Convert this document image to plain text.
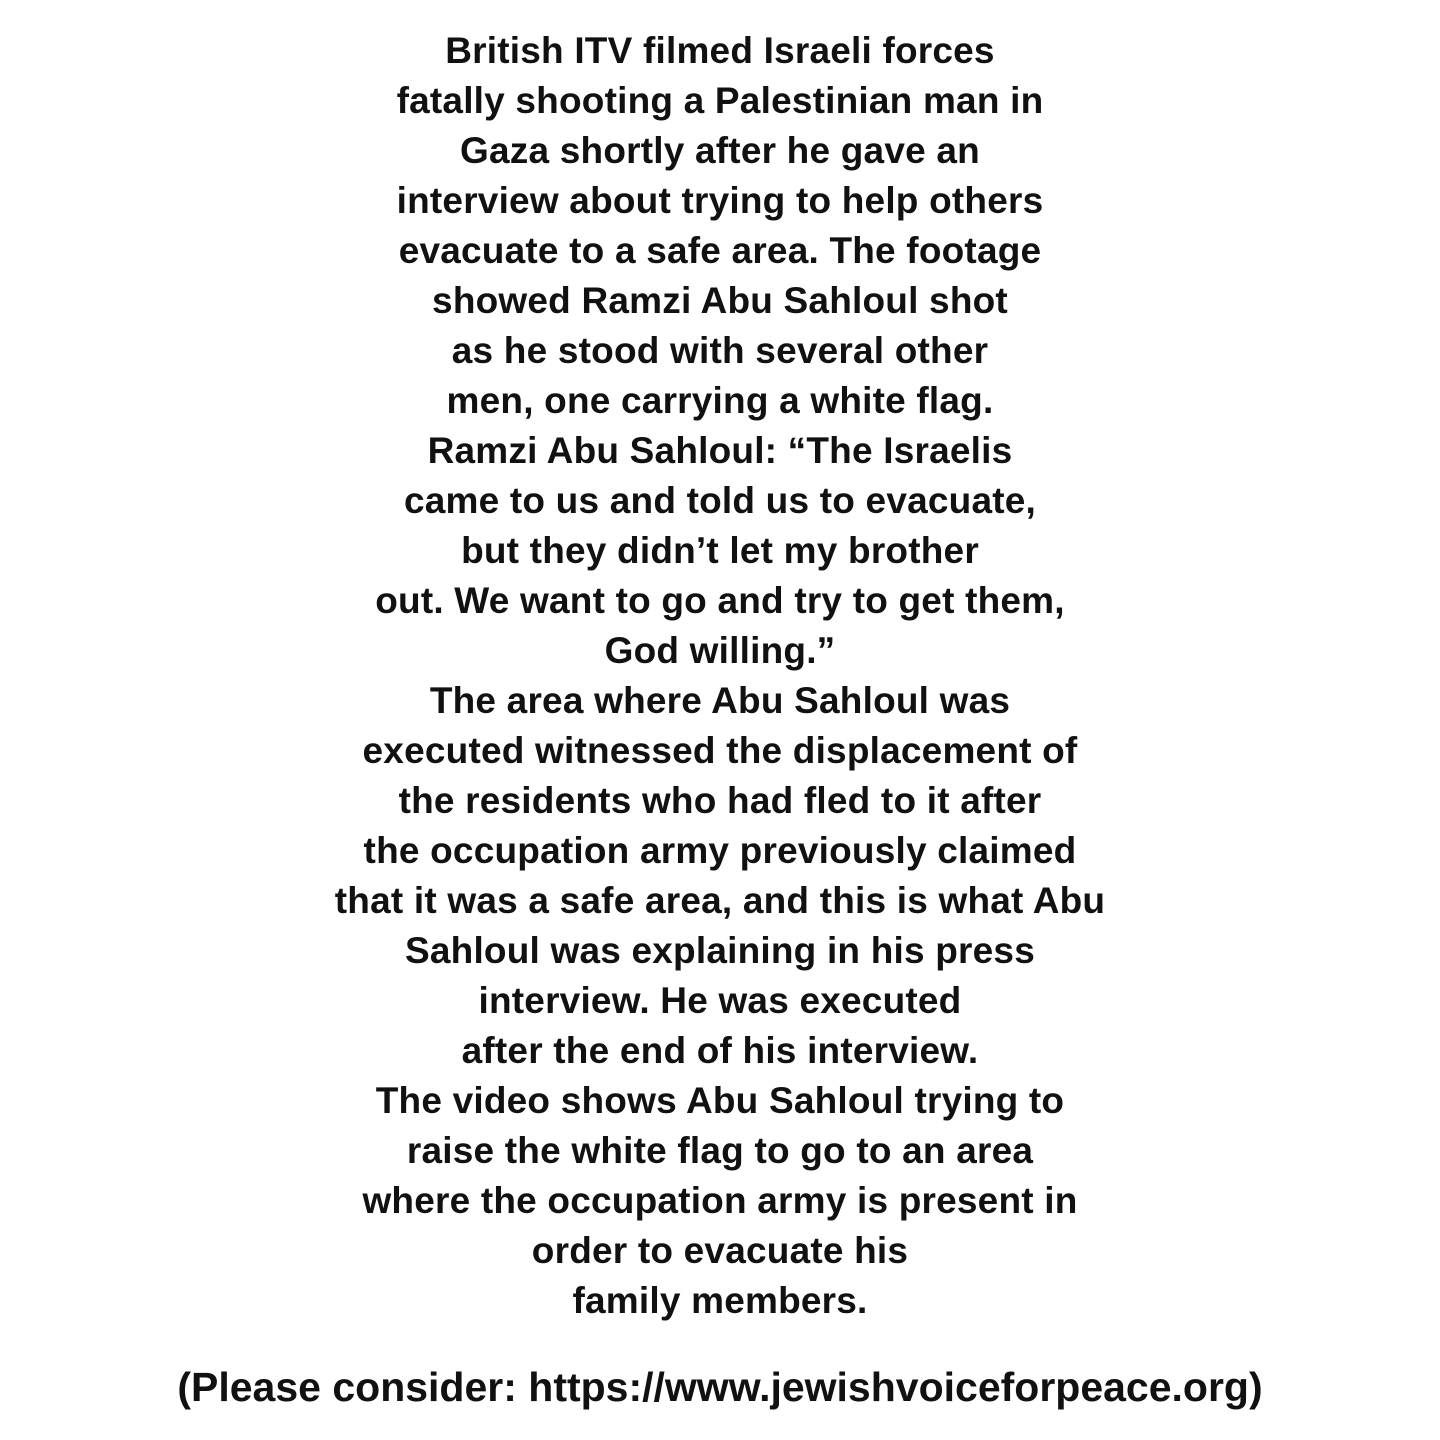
British ITV filmed Israeli forces
fatally shooting a Palestinian man in
Gaza shortly after he gave an
interview about trying to help others
evacuate to a safe area. The footage
showed Ramzi Abu Sahloul shot
as he stood with several other
men, one carrying a white flag.
Ramzi Abu Sahloul: “The Israelis
came to us and told us to evacuate,
but they didn’t let my brother
out. We want to go and try to get them,
God willing.”
The area where Abu Sahloul was
executed witnessed the displacement of
the residents who had fled to it after
the occupation army previously claimed
that it was a safe area, and this is what Abu
Sahloul was explaining in his press
interview. He was executed
after the end of his interview.
The video shows Abu Sahloul trying to
raise the white flag to go to an area
where the occupation army is present in
order to evacuate his
family members.
(Please consider: https://www.jewishvoiceforpeace.org)
